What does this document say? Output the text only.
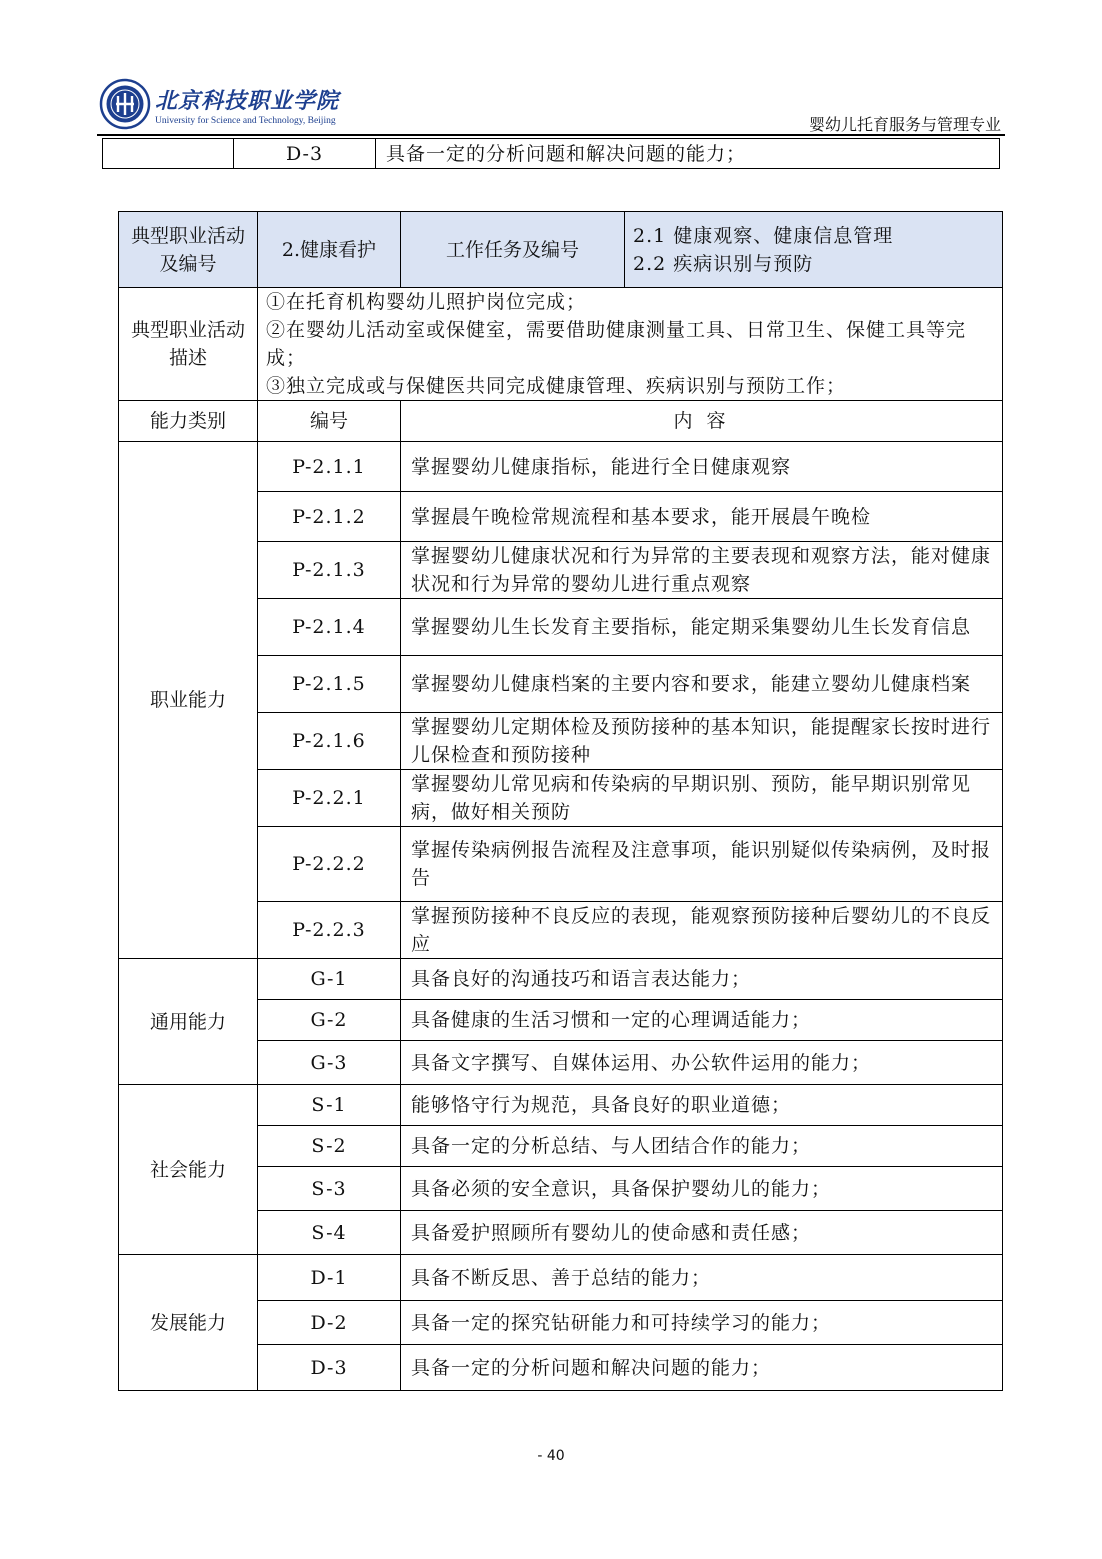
北京科技职业学院
University for Science and Technology, Beijing	婴幼儿托育服务与管理专业
	D-3	具备一定的分析问题和解决问题的能力；
典型职业活动及编号	2.健康看护	工作任务及编号	2.1 健康观察、健康信息管理
2.2 疾病识别与预防

典型职业活动描述	①在托育机构婴幼儿照护岗位完成；
②在婴幼儿活动室或保健室，需要借助健康测量工具、日常卫生、保健工具等完成；
③独立完成或与保健医共同完成健康管理、疾病识别与预防工作；		

能力类别	编号	内 容	
职业能力	P-2.1.1	掌握婴幼儿健康指标，能进行全日健康观察	
	P-2.1.2	掌握晨午晚检常规流程和基本要求，能开展晨午晚检	
	P-2.1.3	掌握婴幼儿健康状况和行为异常的主要表现和观察方法，能对健康状况和行为异常的婴幼儿进行重点观察	
	P-2.1.4	掌握婴幼儿生长发育主要指标，能定期采集婴幼儿生长发育信息	
	P-2.1.5	掌握婴幼儿健康档案的主要内容和要求，能建立婴幼儿健康档案	
	P-2.1.6	掌握婴幼儿定期体检及预防接种的基本知识，能提醒家长按时进行儿保检查和预防接种	
	P-2.2.1	掌握婴幼儿常见病和传染病的早期识别、预防，能早期识别常见病，做好相关预防	
	P-2.2.2	掌握传染病例报告流程及注意事项，能识别疑似传染病例，及时报告	
	P-2.2.3	掌握预防接种不良反应的表现，能观察预防接种后婴幼儿的不良反应	
通用能力	G-1	具备良好的沟通技巧和语言表达能力；	
	G-2	具备健康的生活习惯和一定的心理调适能力；	
	G-3	具备文字撰写、自媒体运用、办公软件运用的能力；	
社会能力	S-1	能够恪守行为规范，具备良好的职业道德；	
	S-2	具备一定的分析总结、与人团结合作的能力；	
	S-3	具备必须的安全意识，具备保护婴幼儿的能力；	
	S-4	具备爱护照顾所有婴幼儿的使命感和责任感；	
发展能力	D-1	具备不断反思、善于总结的能力；	
	D-2	具备一定的探究钻研能力和可持续学习的能力；	
	D-3	具备一定的分析问题和解决问题的能力；	
- 40
